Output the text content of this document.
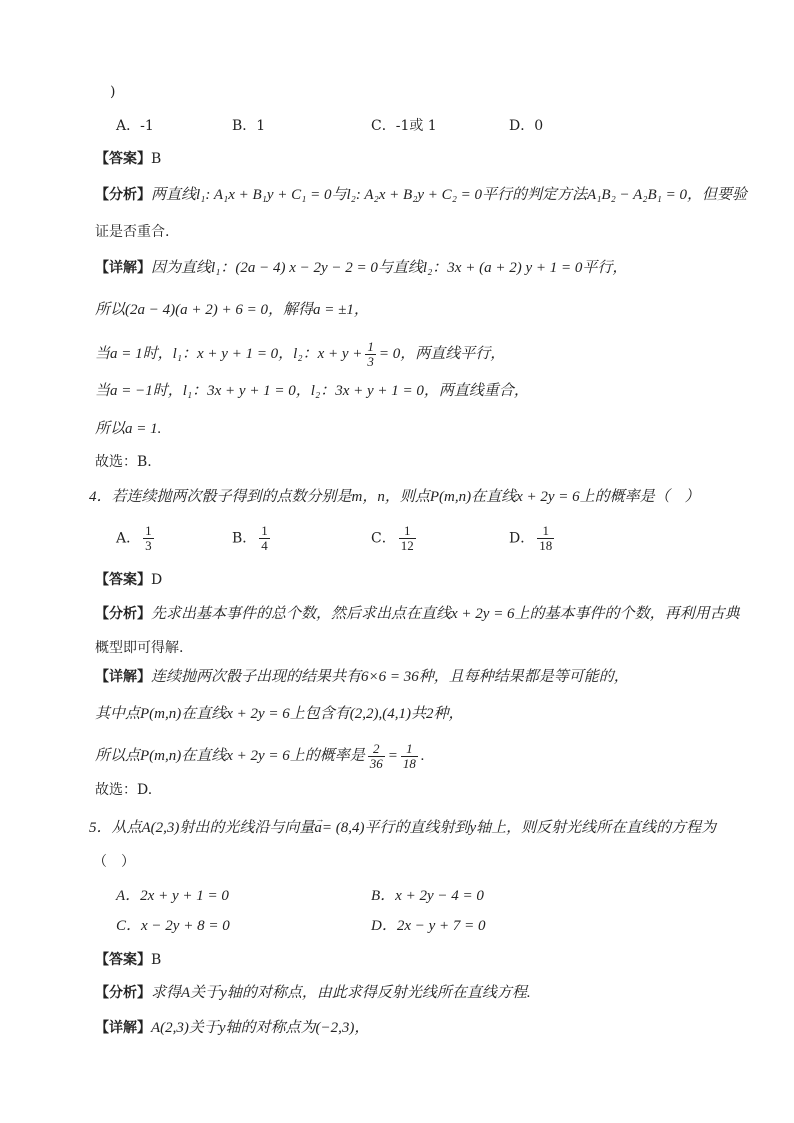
)
A．-1	B．1	C．-1或 1	D．0
【答案】B
【分析】两直线l₁: A₁x + B₁y + C₁ = 0与l₂: A₂x + B₂y + C₂ = 0平行的判定方法A₁B₂ − A₂B₁ = 0，但要验
证是否重合.
【详解】因为直线l₁：(2a − 4) x − 2y − 2 = 0与直线l₂：3x + (a + 2) y + 1 = 0平行，
所以(2a − 4)(a + 2) + 6 = 0，解得a = ±1，
当a = 1时，l₁：x + y + 1 = 0，l₂：$x + y + \frac{1}{3} = 0$，两直线平行，
当a = −1时，l₁：3x + y + 1 = 0，l₂：3x + y + 1 = 0，两直线重合，
所以a = 1.
故选：B.
4．若连续抛两次骰子得到的点数分别是m，n，则点P(m,n)在直线x + 2y = 6上的概率是（　）
A． $\frac{1}{3}$	B． $\frac{1}{4}$	C． $\frac{1}{12}$	D． $\frac{1}{18}$
【答案】D
【分析】先求出基本事件的总个数，然后求出点在直线x + 2y = 6上的基本事件的个数，再利用古典
概型即可得解.
【详解】连续抛两次骰子出现的结果共有6×6 = 36种，且每种结果都是等可能的，
其中点P(m,n)在直线x + 2y = 6上包含有(2,2),(4,1)共2种，
所以点P(m,n)在直线x + 2y = 6上的概率是 $\frac{2}{36} = \frac{1}{18}$ .
故选：D.
5．从点A(2,3)射出的光线沿与向量
→
a= (8,4)平行的直线射到y轴上，则反射光线所在直线的方程为
（　）
A．2x + y + 1 = 0	B．x + 2y − 4 = 0
C．x − 2y + 8 = 0	D．2x − y + 7 = 0
【答案】B
【分析】求得A关于y轴的对称点，由此求得反射光线所在直线方程.
【详解】A(2,3)关于y轴的对称点为(−2,3)，
